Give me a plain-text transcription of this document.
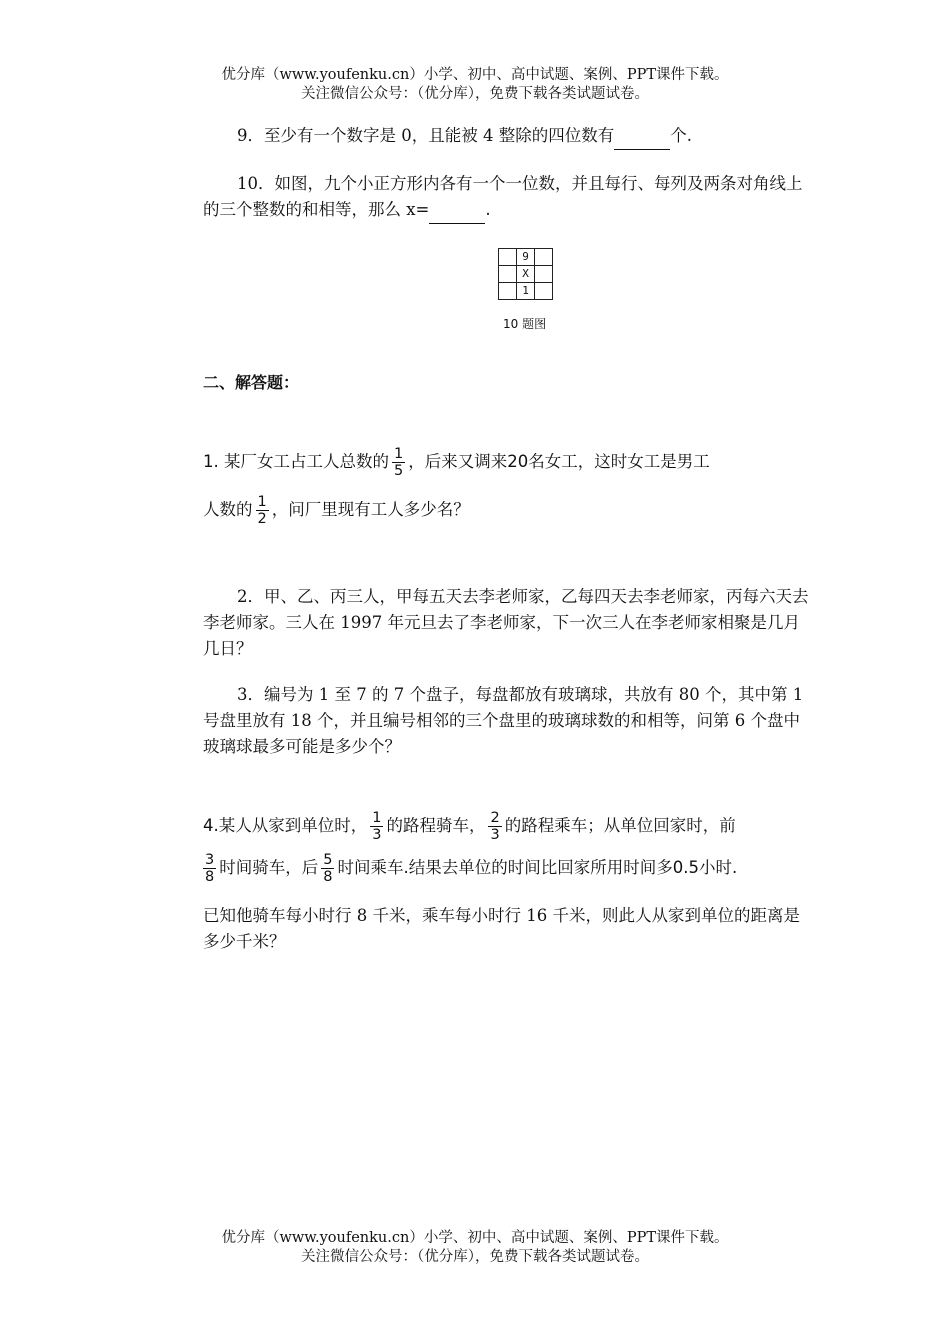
优分库（www.youfenku.cn）小学、初中、高中试题、案例、PPT课件下载。
关注微信公众号：（优分库），免费下载各类试题试卷。
9．至少有一个数字是 0，且能被 4 整除的四位数有	个.
10．如图，九个小正方形内各有一个一位数，并且每行、每列及两条对角线上的三个整数的和相等，那么 x=	.
	9	
	X	
	1	
10 题图
二、解答题：
1. 某厂女工占工人总数的 $\frac{1}{5}$ ，后来又调来20名女工，这时女工是男工
人数的 $\frac{1}{2}$ ，问厂里现有工人多少名？
2．甲、乙、丙三人，甲每五天去李老师家，乙每四天去李老师家，丙每六天去李老师家。三人在 1997 年元旦去了李老师家，下一次三人在李老师家相聚是几月几日？
3．编号为 1 至 7 的 7 个盘子，每盘都放有玻璃球，共放有 80 个，其中第 1 号盘里放有 18 个，并且编号相邻的三个盘里的玻璃球数的和相等，问第 6 个盘中玻璃球最多可能是多少个？
4.某人从家到单位时， $\frac{1}{3}$ 的路程骑车， $\frac{2}{3}$ 的路程乘车；从单位回家时，前
$\frac{3}{8}$ 时间骑车，后 $\frac{5}{8}$ 时间乘车.结果去单位的时间比回家所用时间多0.5小时.
已知他骑车每小时行 8 千米，乘车每小时行 16 千米，则此人从家到单位的距离是多少千米？
优分库（www.youfenku.cn）小学、初中、高中试题、案例、PPT课件下载。
关注微信公众号：（优分库），免费下载各类试题试卷。
